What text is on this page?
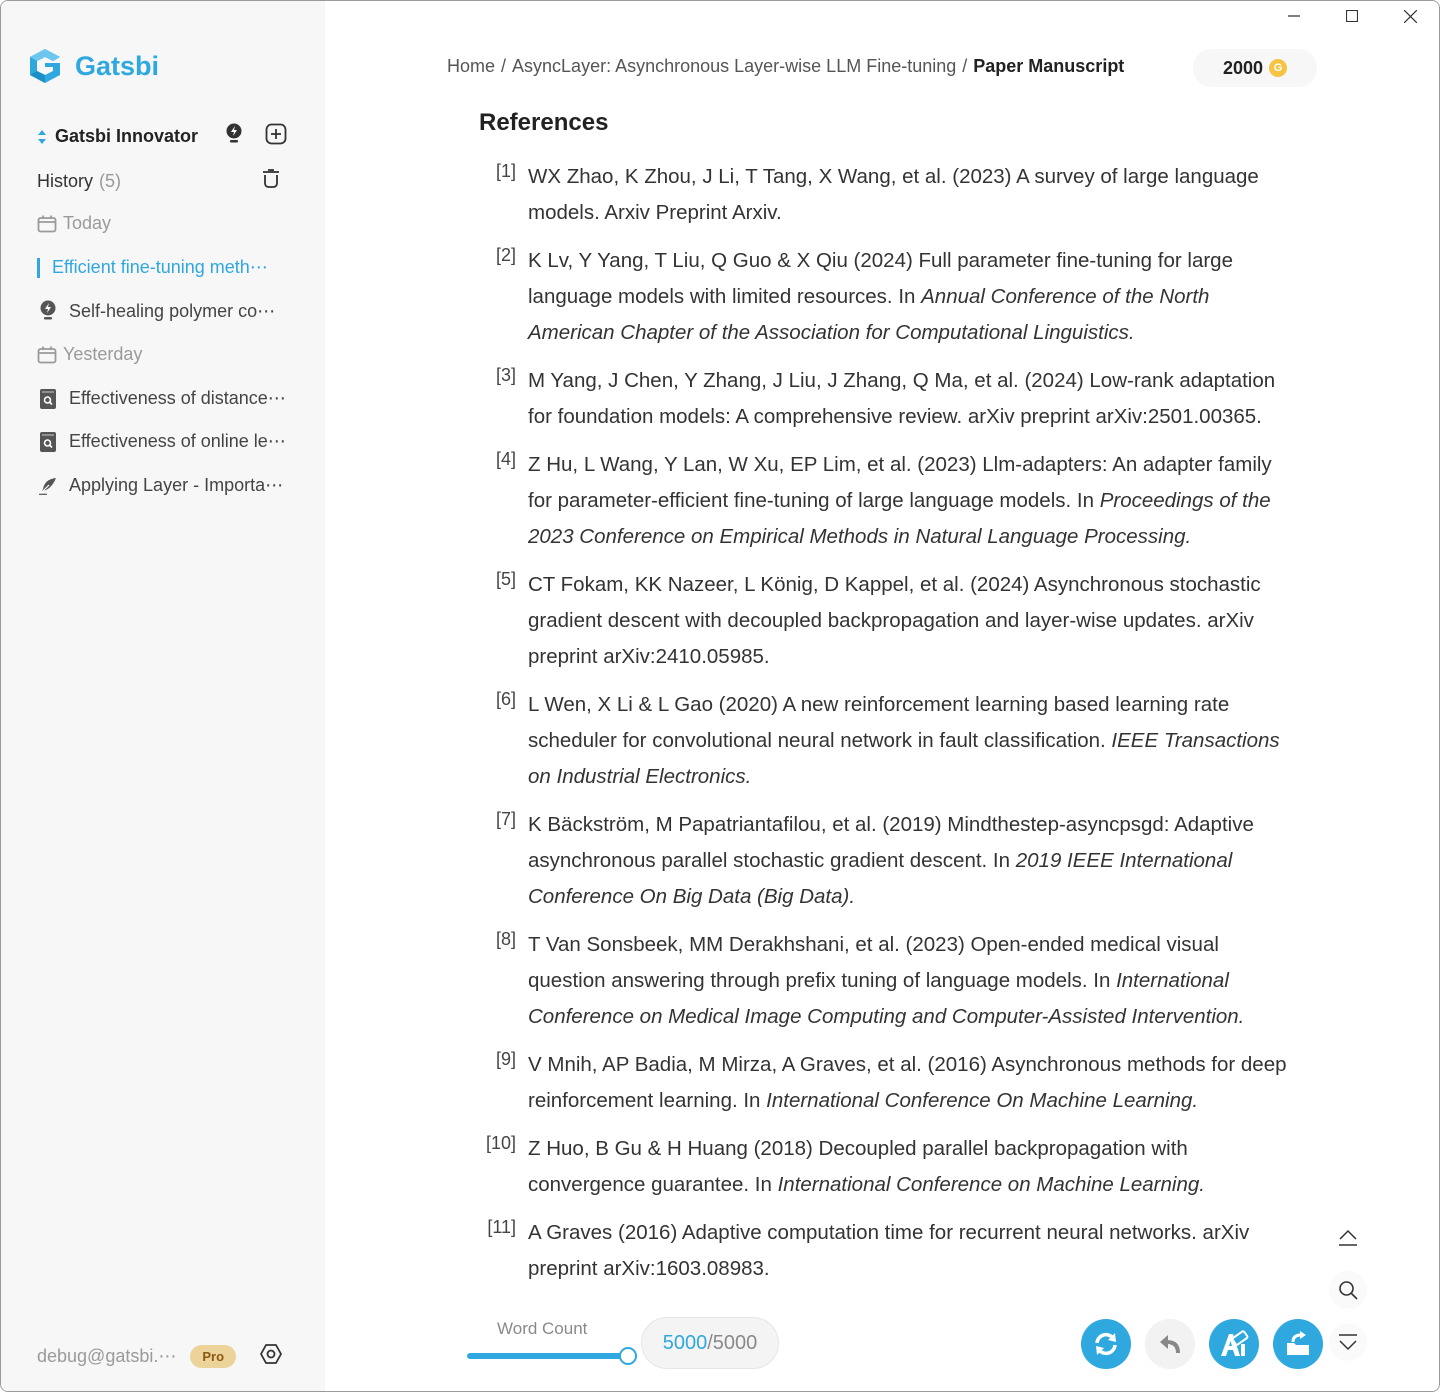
Gatsbi
Gatsbi Innovator
History (5)
Today
Efficient fine-tuning meth⋯
Self-healing polymer co⋯
Yesterday
Effectiveness of distance⋯
Effectiveness of online le⋯
Applying Layer - Importa⋯
debug@gatsbi.⋯	Pro
Home / AsyncLayer: Asynchronous Layer-wise LLM Fine-tuning / Paper Manuscript	2000 G
References
[1] WX Zhao, K Zhou, J Li, T Tang, X Wang, et al. (2023) A survey of large language models. Arxiv Preprint Arxiv.
[2] K Lv, Y Yang, T Liu, Q Guo & X Qiu (2024) Full parameter fine-tuning for large language models with limited resources. In Annual Conference of the North American Chapter of the Association for Computational Linguistics.
[3] M Yang, J Chen, Y Zhang, J Liu, J Zhang, Q Ma, et al. (2024) Low-rank adaptation for foundation models: A comprehensive review. arXiv preprint arXiv:2501.00365.
[4] Z Hu, L Wang, Y Lan, W Xu, EP Lim, et al. (2023) Llm-adapters: An adapter family for parameter-efficient fine-tuning of large language models. In Proceedings of the 2023 Conference on Empirical Methods in Natural Language Processing.
[5] CT Fokam, KK Nazeer, L König, D Kappel, et al. (2024) Asynchronous stochastic gradient descent with decoupled backpropagation and layer-wise updates. arXiv preprint arXiv:2410.05985.
[6] L Wen, X Li & L Gao (2020) A new reinforcement learning based learning rate scheduler for convolutional neural network in fault classification. IEEE Transactions on Industrial Electronics.
[7] K Bäckström, M Papatriantafilou, et al. (2019) Mindthestep-asyncpsgd: Adaptive asynchronous parallel stochastic gradient descent. In 2019 IEEE International Conference On Big Data (Big Data).
[8] T Van Sonsbeek, MM Derakhshani, et al. (2023) Open-ended medical visual question answering through prefix tuning of language models. In International Conference on Medical Image Computing and Computer-Assisted Intervention.
[9] V Mnih, AP Badia, M Mirza, A Graves, et al. (2016) Asynchronous methods for deep reinforcement learning. In International Conference On Machine Learning.
[10] Z Huo, B Gu & H Huang (2018) Decoupled parallel backpropagation with convergence guarantee. In International Conference on Machine Learning.
[11] A Graves (2016) Adaptive computation time for recurrent neural networks. arXiv preprint arXiv:1603.08983.
Word Count
5000 /5000
